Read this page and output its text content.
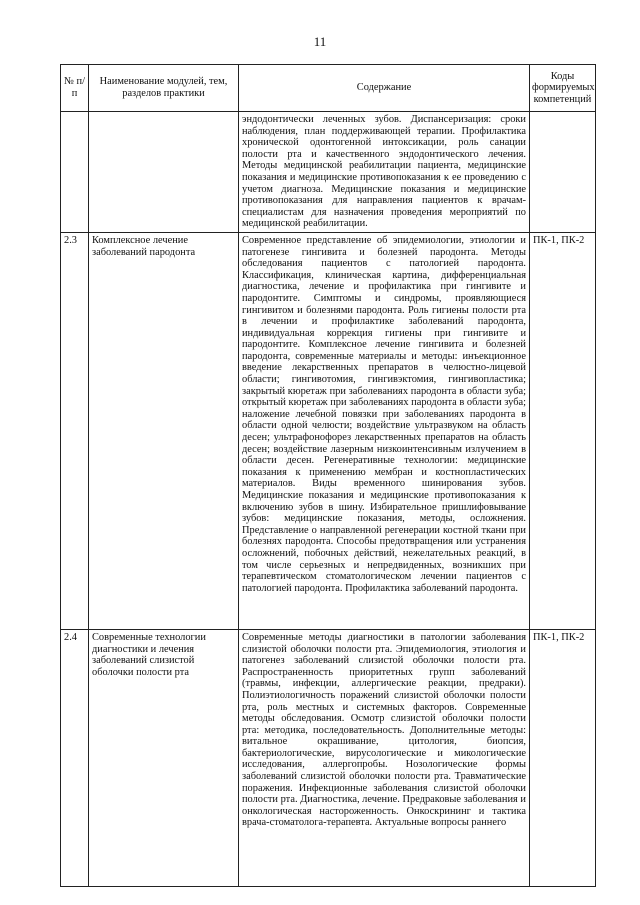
11
№ п/п	Наименование модулей, тем, разделов практики	Содержание	Коды формируемых компетенций
		эндодонтически леченных зубов. Диспансеризация: сроки наблюдения, план поддерживающей терапии. Профилактика хронической одонтогенной интоксикации, роль санации полости рта и качественного эндодонтического лечения. Методы медицинской реабилитации пациента, медицинские показания и медицинские противопоказания к ее проведению с учетом диагноза. Медицинские показания и медицинские противопоказания для направления пациентов к врачам-специалистам для назначения проведения мероприятий по медицинской реабилитации.	
2.3	Комплексное лечение заболеваний пародонта	Современное представление об эпидемиологии, этиологии и патогенезе гингивита и болезней пародонта. Методы обследования пациентов с патологией пародонта. Классификация, клиническая картина, дифференциальная диагностика, лечение и профилактика при гингивите и пародонтите. Симптомы и синдромы, проявляющиеся гингивитом и болезнями пародонта. Роль гигиены полости рта в лечении и профилактике заболеваний пародонта, индивидуальная коррекция гигиены при гингивите и пародонтите. Комплексное лечение гингивита и болезней пародонта, современные материалы и методы: инъекционное введение лекарственных препаратов в челюстно-лицевой области; гингивотомия, гингивэктомия, гингивопластика; закрытый кюретаж при заболеваниях пародонта в области зуба; открытый кюретаж при заболеваниях пародонта в области зуба; наложение лечебной повязки при заболеваниях пародонта в области одной челюсти; воздействие ультразвуком на область десен; ультрафонофорез лекарственных препаратов на область десен; воздействие лазерным низкоинтенсивным излучением в области десен. Регенеративные технологии: медицинские показания к применению мембран и костнопластических материалов. Виды временного шинирования зубов. Медицинские показания и медицинские противопоказания к включению зубов в шину. Избирательное пришлифовывание зубов: медицинские показания, методы, осложнения. Представление о направленной регенерации костной ткани при болезнях пародонта. Способы предотвращения или устранения осложнений, побочных действий, нежелательных реакций, в том числе серьезных и непредвиденных, возникших при терапевтическом стоматологическом лечении пациентов с патологией пародонта. Профилактика заболеваний пародонта.	ПК-1, ПК-2
2.4	Современные технологии диагностики и лечения заболеваний слизистой оболочки полости рта	Современные методы диагностики в патологии заболевания слизистой оболочки полости рта. Эпидемиология, этиология и патогенез заболеваний слизистой оболочки полости рта. Распространенность приоритетных групп заболеваний (травмы, инфекции, аллергические реакции, предраки). Полиэтиологичность поражений слизистой оболочки полости рта, роль местных и системных факторов. Современные методы обследования. Осмотр слизистой оболочки полости рта: методика, последовательность. Дополнительные методы: витальное окрашивание, цитология, биопсия, бактериологические, вирусологические и микологические исследования, аллергопробы. Нозологические формы заболеваний слизистой оболочки полости рта. Травматические поражения. Инфекционные заболевания слизистой оболочки полости рта. Диагностика, лечение. Предраковые заболевания и онкологическая настороженность. Онкоскрининг и тактика врача-стоматолога-терапевта. Актуальные вопросы раннего	ПК-1, ПК-2
